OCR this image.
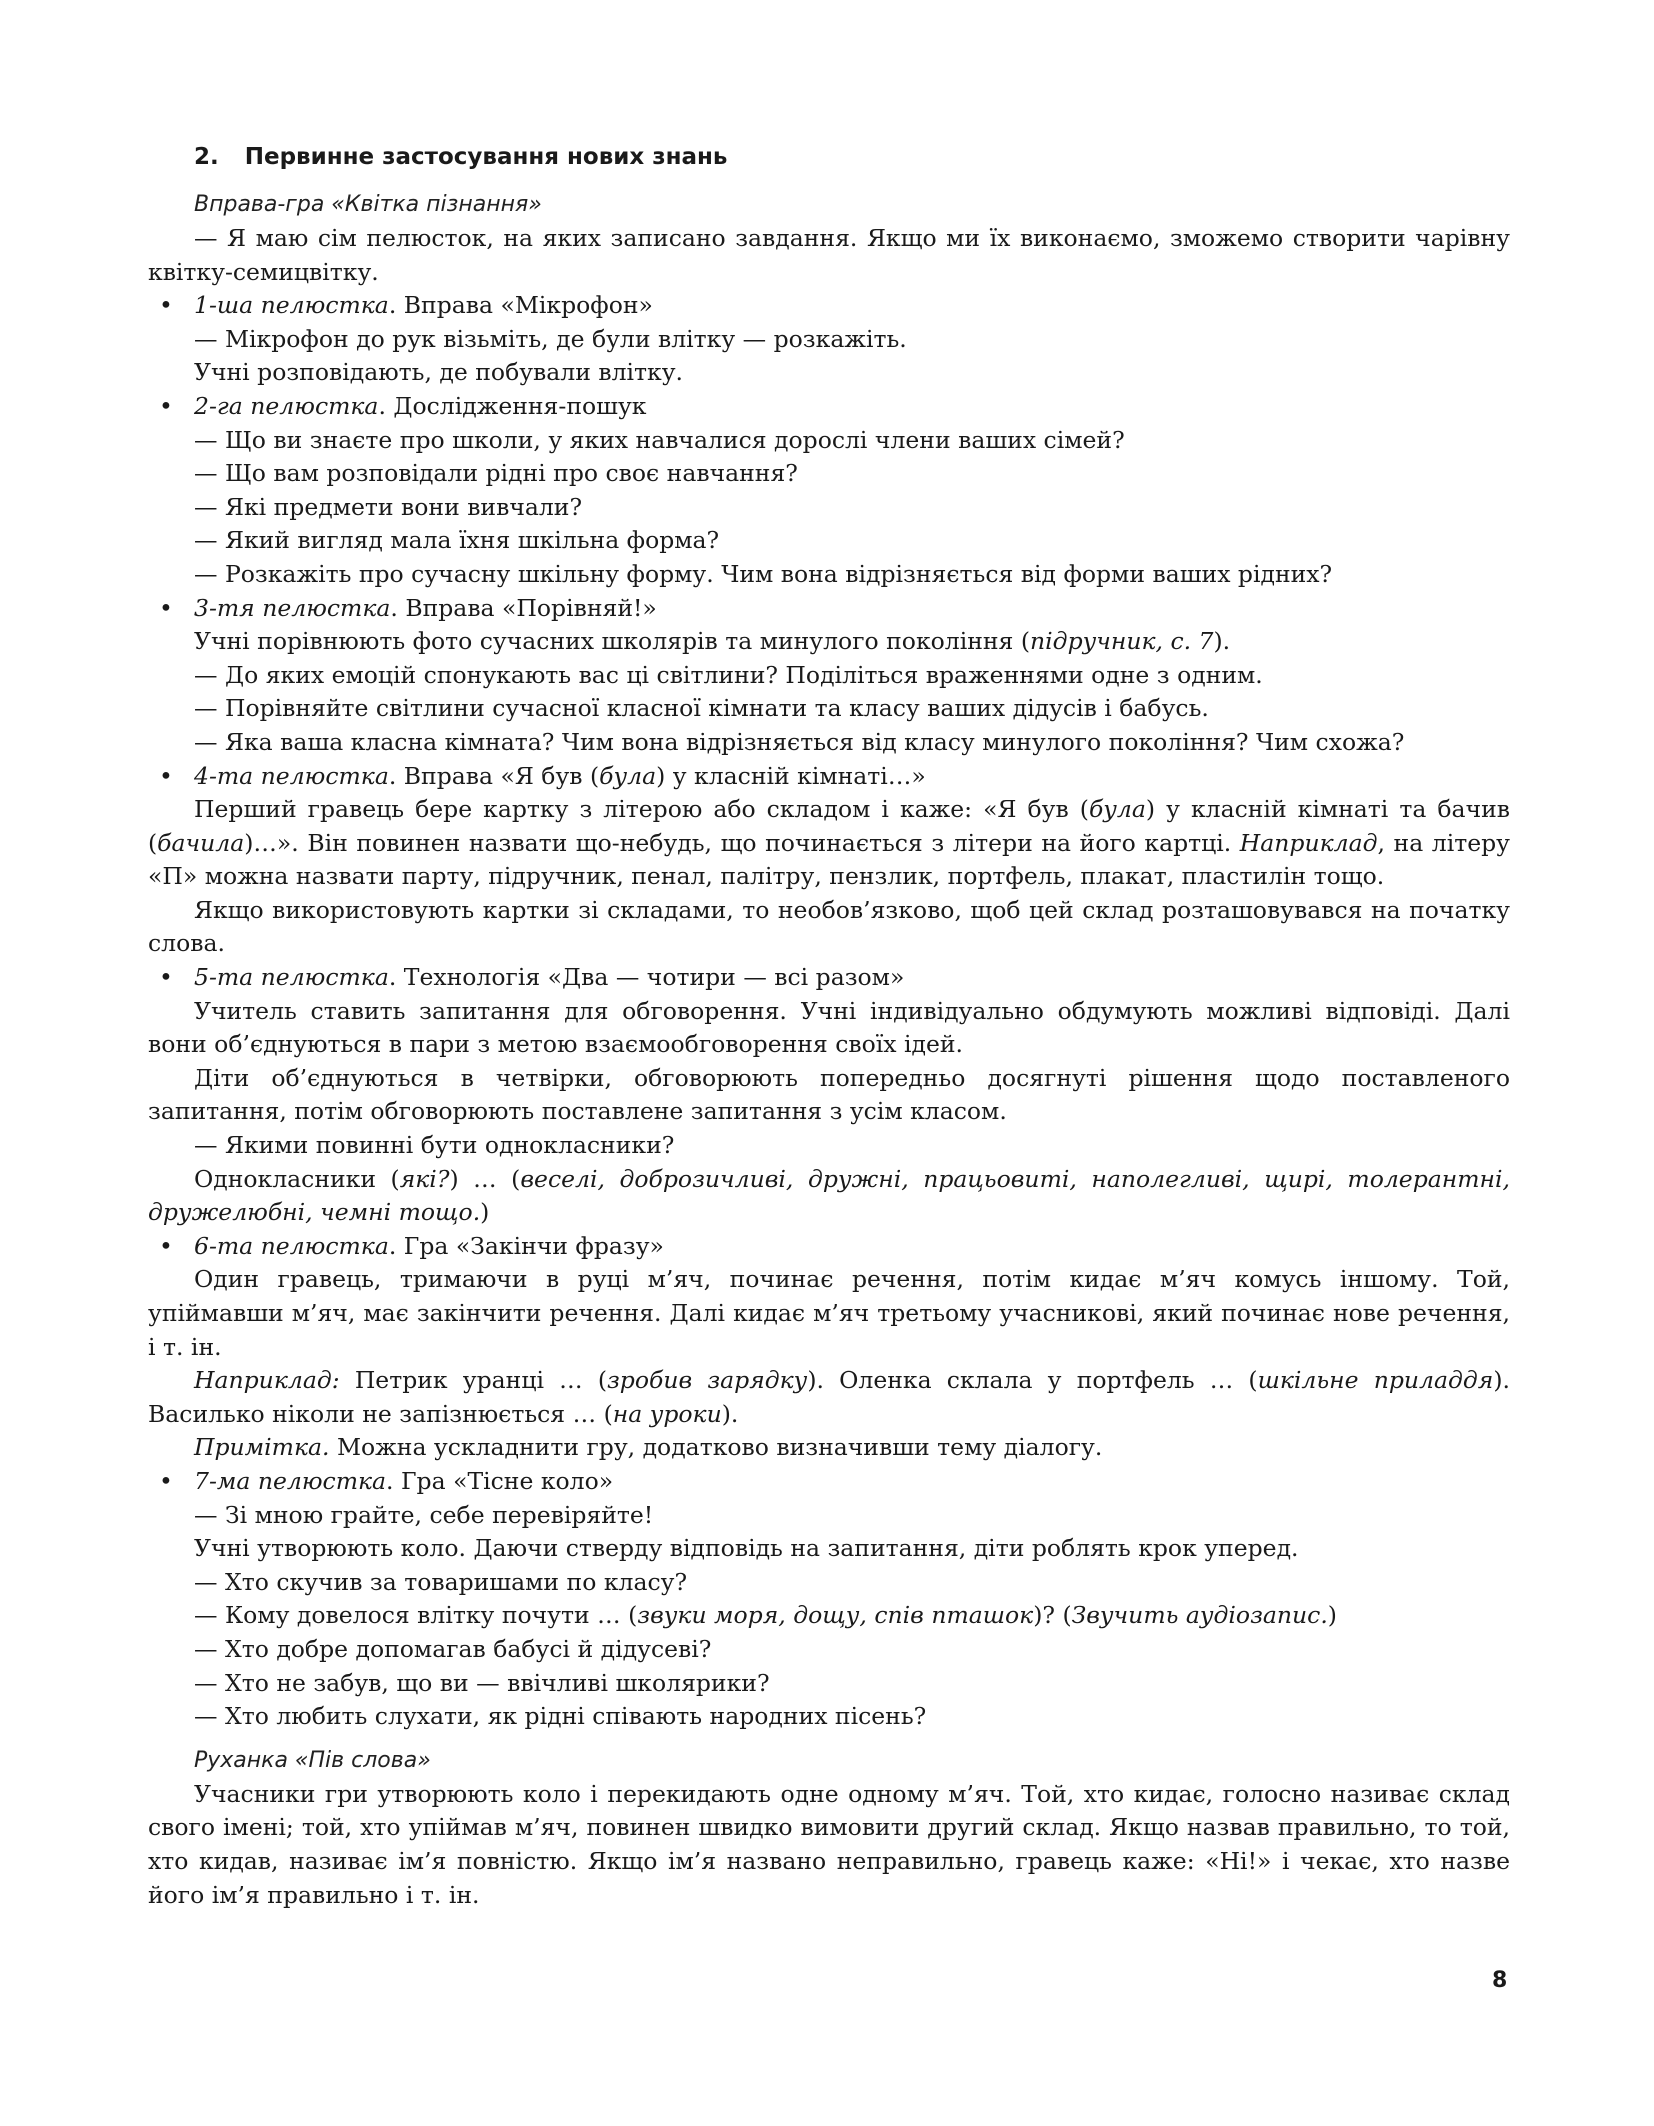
2. Первинне застосування нових знань
Вправа-гра «Квітка пізнання»

— Я маю сім пелюсток, на яких записано завдання. Якщо ми їх виконаємо, зможемо створити чарівну квітку-семицвітку.

• 1-ша пелюстка. Вправа «Мікрофон»

— Мікрофон до рук візьміть, де були влітку — розкажіть.

Учні розповідають, де побували влітку.

• 2-га пелюстка. Дослідження-пошук

— Що ви знаєте про школи, у яких навчалися дорослі члени ваших сімей?

— Що вам розповідали рідні про своє навчання?

— Які предмети вони вивчали?

— Який вигляд мала їхня шкільна форма?

— Розкажіть про сучасну шкільну форму. Чим вона відрізняється від форми ваших рідних?

• 3-тя пелюстка. Вправа «Порівняй!»

Учні порівнюють фото сучасних школярів та минулого покоління (підручник, с. 7).

— До яких емоцій спонукають вас ці світлини? Поділіться враженнями одне з одним.

— Порівняйте світлини сучасної класної кімнати та класу ваших дідусів і бабусь.

— Яка ваша класна кімната? Чим вона відрізняється від класу минулого покоління? Чим схожа?

• 4-та пелюстка. Вправа «Я був (була) у класній кімнаті…»

Перший гравець бере картку з літерою або складом і каже: «Я був (була) у класній кімнаті та бачив (бачила)…». Він повинен назвати що-небудь, що починається з літери на його картці. Наприклад, на літеру «П» можна назвати парту, підручник, пенал, палітру, пензлик, портфель, плакат, пластилін тощо.

Якщо використовують картки зі складами, то необов’язково, щоб цей склад розташовувався на початку слова.

• 5-та пелюстка. Технологія «Два — чотири — всі разом»

Учитель ставить запитання для обговорення. Учні індивідуально обдумують можливі відповіді. Далі вони об’єднуються в пари з метою взаємообговорення своїх ідей.

Діти об’єднуються в четвірки, обговорюють попередньо досягнуті рішення щодо поставленого запитання, потім обговорюють поставлене запитання з усім класом.

— Якими повинні бути однокласники?

Однокласники (які?) … (веселі, доброзичливі, дружні, працьовиті, наполегливі, щирі, толерантні, дружелюбні, чемні тощо.)

• 6-та пелюстка. Гра «Закінчи фразу»

Один гравець, тримаючи в руці м’яч, починає речення, потім кидає м’яч комусь іншому. Той, упіймавши м’яч, має закінчити речення. Далі кидає м’яч третьому учасникові, який починає нове речення, і т. ін.

Наприклад: Петрик уранці … (зробив зарядку). Оленка склала у портфель … (шкільне приладдя). Василько ніколи не запізнюється … (на уроки).

Примітка. Можна ускладнити гру, додатково визначивши тему діалогу.

• 7-ма пелюстка. Гра «Тісне коло»

— Зі мною грайте, себе перевіряйте!

Учні утворюють коло. Даючи стверду відповідь на запитання, діти роблять крок уперед.

— Хто скучив за товаришами по класу?

— Кому довелося влітку почути … (звуки моря, дощу, спів пташок)? (Звучить аудіозапис.)

— Хто добре допомагав бабусі й дідусеві?

— Хто не забув, що ви — ввічливі школярики?

— Хто любить слухати, як рідні співають народних пісень?

Руханка «Пів слова»

Учасники гри утворюють коло і перекидають одне одному м’яч. Той, хто кидає, голосно називає склад свого імені; той, хто упіймав м’яч, повинен швидко вимовити другий склад. Якщо назвав правильно, то той, хто кидав, називає ім’я повністю. Якщо ім’я названо неправильно, гравець каже: «Ні!» і чекає, хто назве його ім’я правильно і т. ін.

8
